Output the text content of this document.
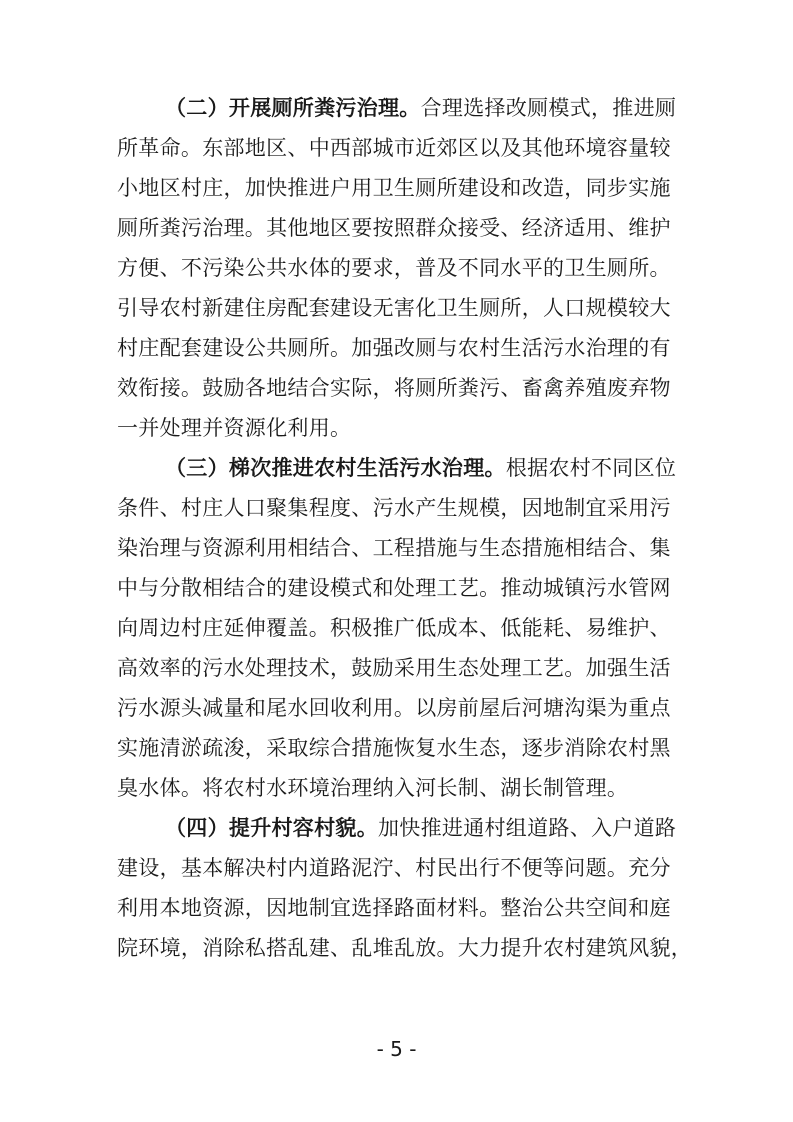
（二）开展厕所粪污治理。合理选择改厕模式，推进厕
所革命。东部地区、中西部城市近郊区以及其他环境容量较
小地区村庄，加快推进户用卫生厕所建设和改造，同步实施
厕所粪污治理。其他地区要按照群众接受、经济适用、维护
方便、不污染公共水体的要求，普及不同水平的卫生厕所。
引导农村新建住房配套建设无害化卫生厕所，人口规模较大
村庄配套建设公共厕所。加强改厕与农村生活污水治理的有
效衔接。鼓励各地结合实际，将厕所粪污、畜禽养殖废弃物
一并处理并资源化利用。
（三）梯次推进农村生活污水治理。根据农村不同区位
条件、村庄人口聚集程度、污水产生规模，因地制宜采用污
染治理与资源利用相结合、工程措施与生态措施相结合、集
中与分散相结合的建设模式和处理工艺。推动城镇污水管网
向周边村庄延伸覆盖。积极推广低成本、低能耗、易维护、
高效率的污水处理技术，鼓励采用生态处理工艺。加强生活
污水源头减量和尾水回收利用。以房前屋后河塘沟渠为重点
实施清淤疏浚，采取综合措施恢复水生态，逐步消除农村黑
臭水体。将农村水环境治理纳入河长制、湖长制管理。
（四）提升村容村貌。加快推进通村组道路、入户道路
建设，基本解决村内道路泥泞、村民出行不便等问题。充分
利用本地资源，因地制宜选择路面材料。整治公共空间和庭
院环境，消除私搭乱建、乱堆乱放。大力提升农村建筑风貌，
- 5 -
